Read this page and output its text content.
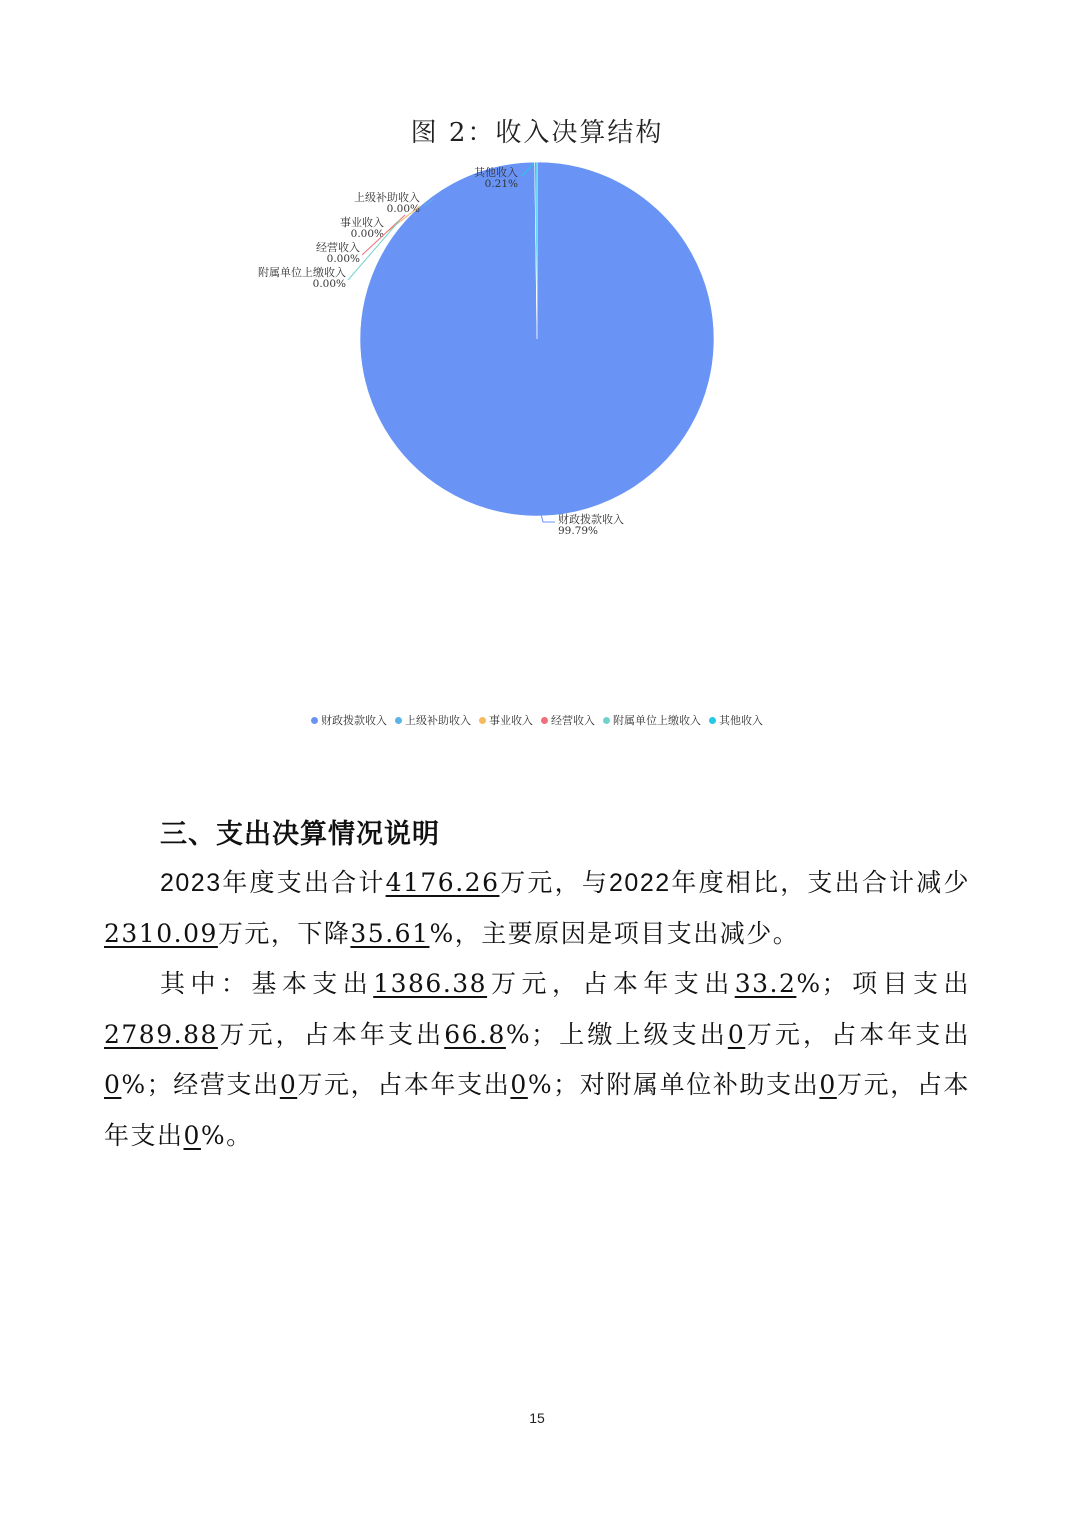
图 2：收入决算结构
财政拨款收入
99.79%
上级补助收入
0.00%
事业收入
0.00%
经营收入
0.00%
附属单位上缴收入
0.00%
其他收入
0.21%
财政拨款收入 上级补助收入 事业收入 经营收入 附属单位上缴收入 其他收入
三、支出决算情况说明
2023年度支出合计4176.26万元，与2022年度相比，支出合计减少2310.09万元，下降35.61%，主要原因是项目支出减少。
其中：基本支出1386.38万元，占本年支出33.2%；项目支出2789.88万元，占本年支出66.8%；上缴上级支出0万元，占本年支出0%；经营支出0万元，占本年支出0%；对附属单位补助支出0万元，占本年支出0%。
15
